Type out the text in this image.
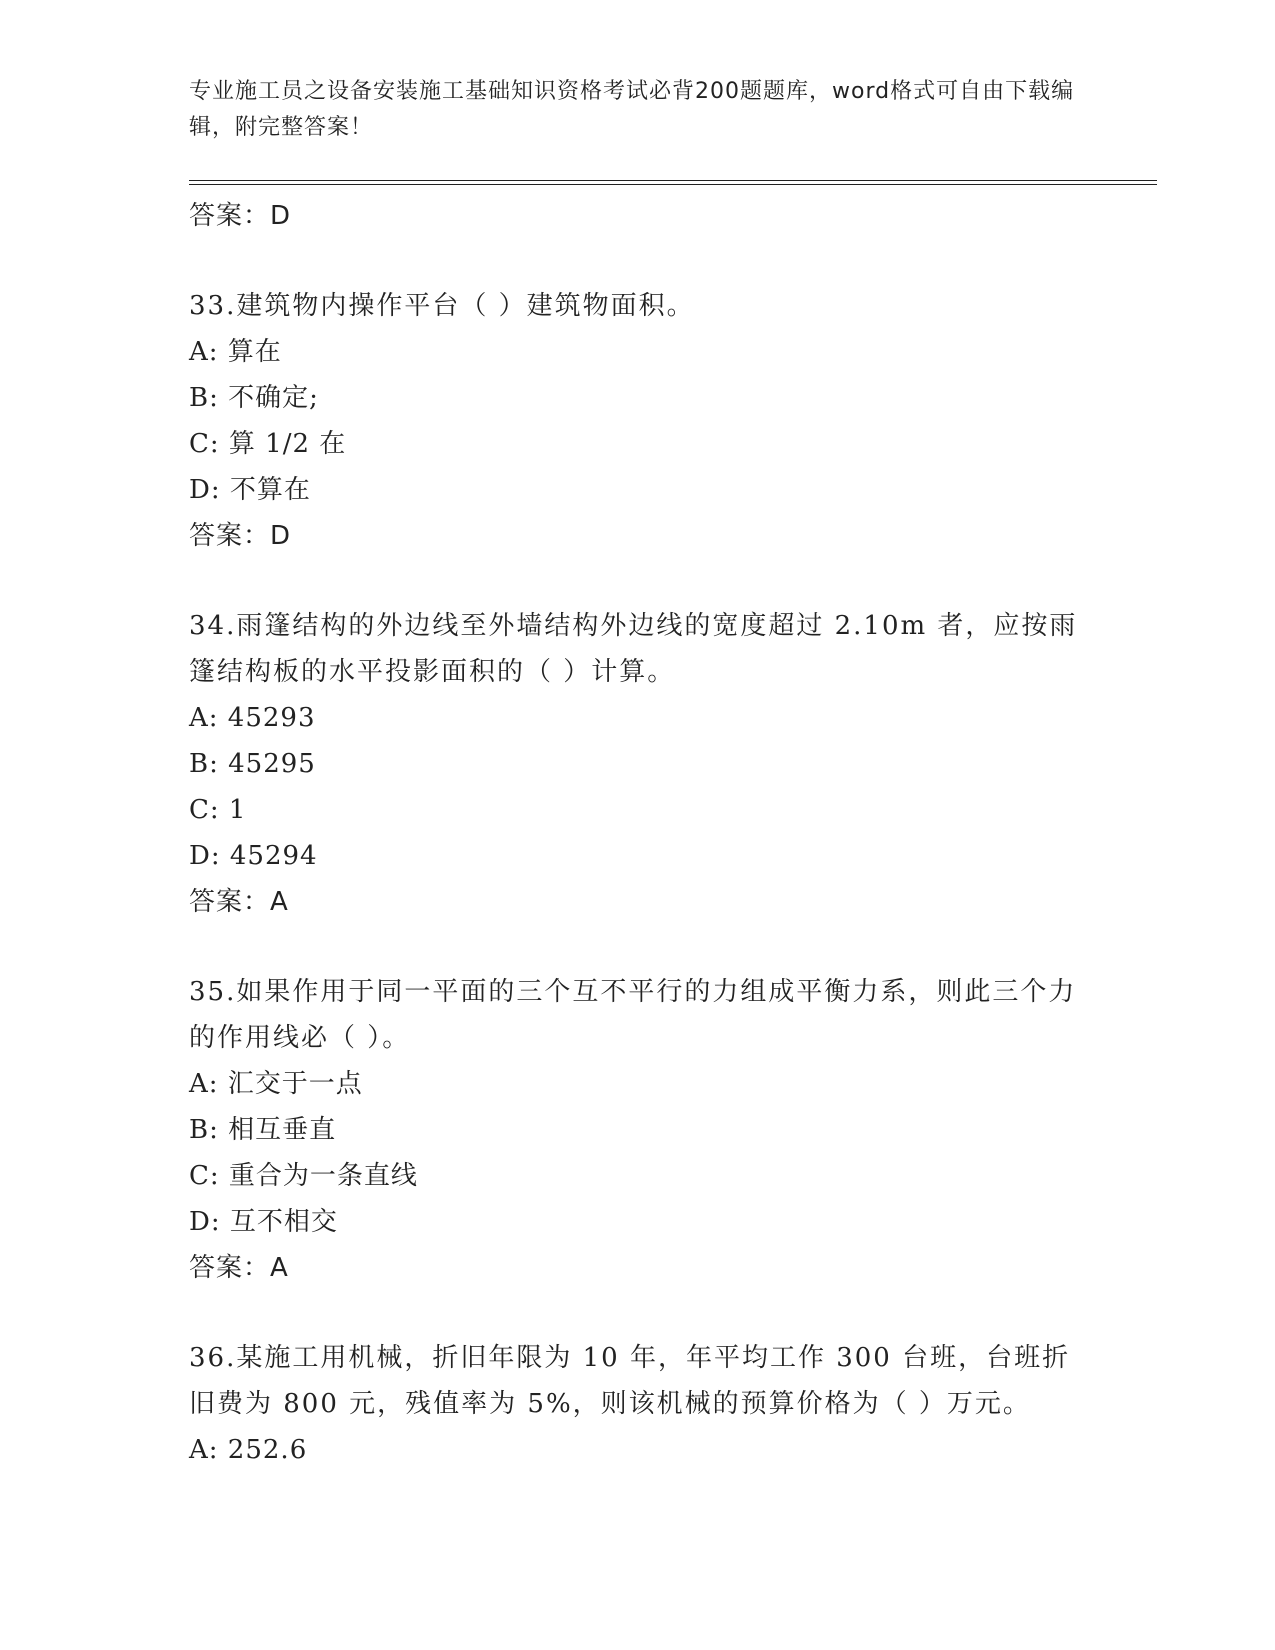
专业施工员之设备安装施工基础知识资格考试必背200题题库，word格式可自由下载编辑，附完整答案！
答案：D
33.建筑物内操作平台（ ）建筑物面积。
A: 算在
B: 不确定;
C: 算 1/2 在
D: 不算在
答案：D
34.雨篷结构的外边线至外墙结构外边线的宽度超过 2.10m 者，应按雨篷结构板的水平投影面积的（ ）计算。
A: 45293
B: 45295
C: 1
D: 45294
答案：A
35.如果作用于同一平面的三个互不平行的力组成平衡力系，则此三个力的作用线必（ ）。
A: 汇交于一点
B: 相互垂直
C: 重合为一条直线
D: 互不相交
答案：A
36.某施工用机械，折旧年限为 10 年，年平均工作 300 台班，台班折旧费为 800 元，残值率为 5%，则该机械的预算价格为（ ）万元。
A: 252.6
